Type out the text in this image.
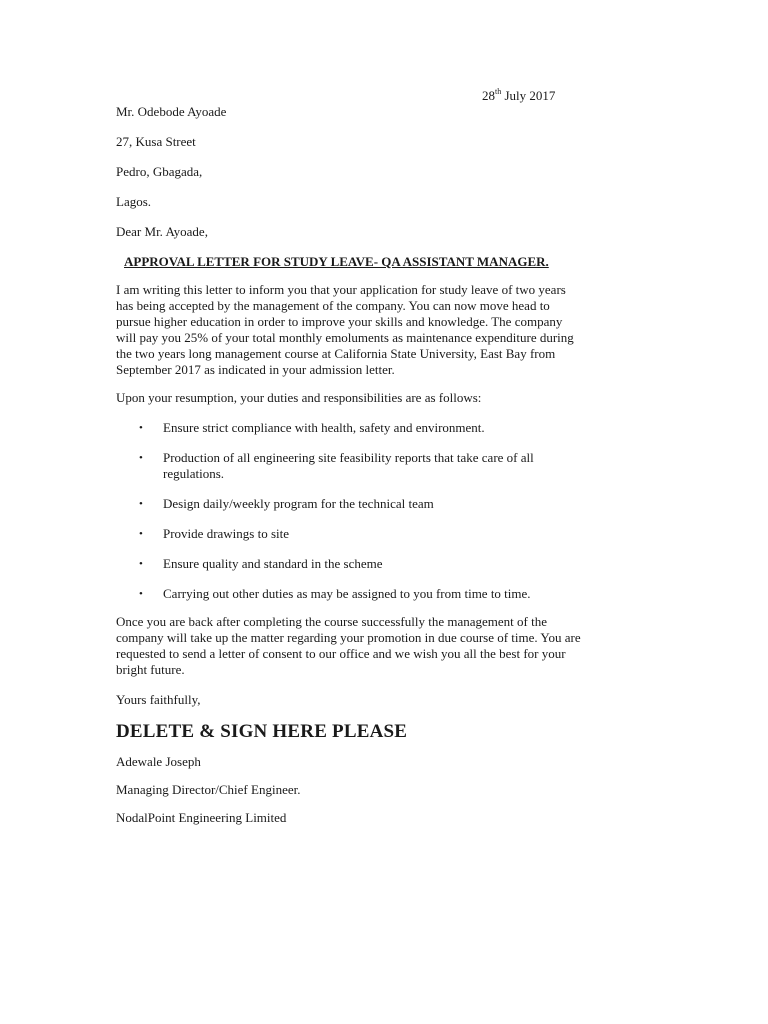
28th July 2017

Mr. Odebode Ayoade

27, Kusa Street

Pedro, Gbagada,

Lagos.

Dear Mr. Ayoade,

APPROVAL LETTER FOR STUDY LEAVE- QA ASSISTANT MANAGER.

I am writing this letter to inform you that your application for study leave of two years
has being accepted by the management of the company. You can now move head to
pursue higher education in order to improve your skills and knowledge. The company
will pay you 25% of your total monthly emoluments as maintenance expenditure during
the two years long management course at California State University, East Bay from
September 2017 as indicated in your admission letter.

Upon your resumption, your duties and responsibilities are as follows:

• Ensure strict compliance with health, safety and environment.
• Production of all engineering site feasibility reports that take care of all
regulations.
• Design daily/weekly program for the technical team
• Provide drawings to site
• Ensure quality and standard in the scheme
• Carrying out other duties as may be assigned to you from time to time.
Once you are back after completing the course successfully the management of the
company will take up the matter regarding your promotion in due course of time. You are
requested to send a letter of consent to our office and we wish you all the best for your
bright future.

Yours faithfully,

DELETE & SIGN HERE PLEASE

Adewale Joseph

Managing Director/Chief Engineer.

NodalPoint Engineering Limited
